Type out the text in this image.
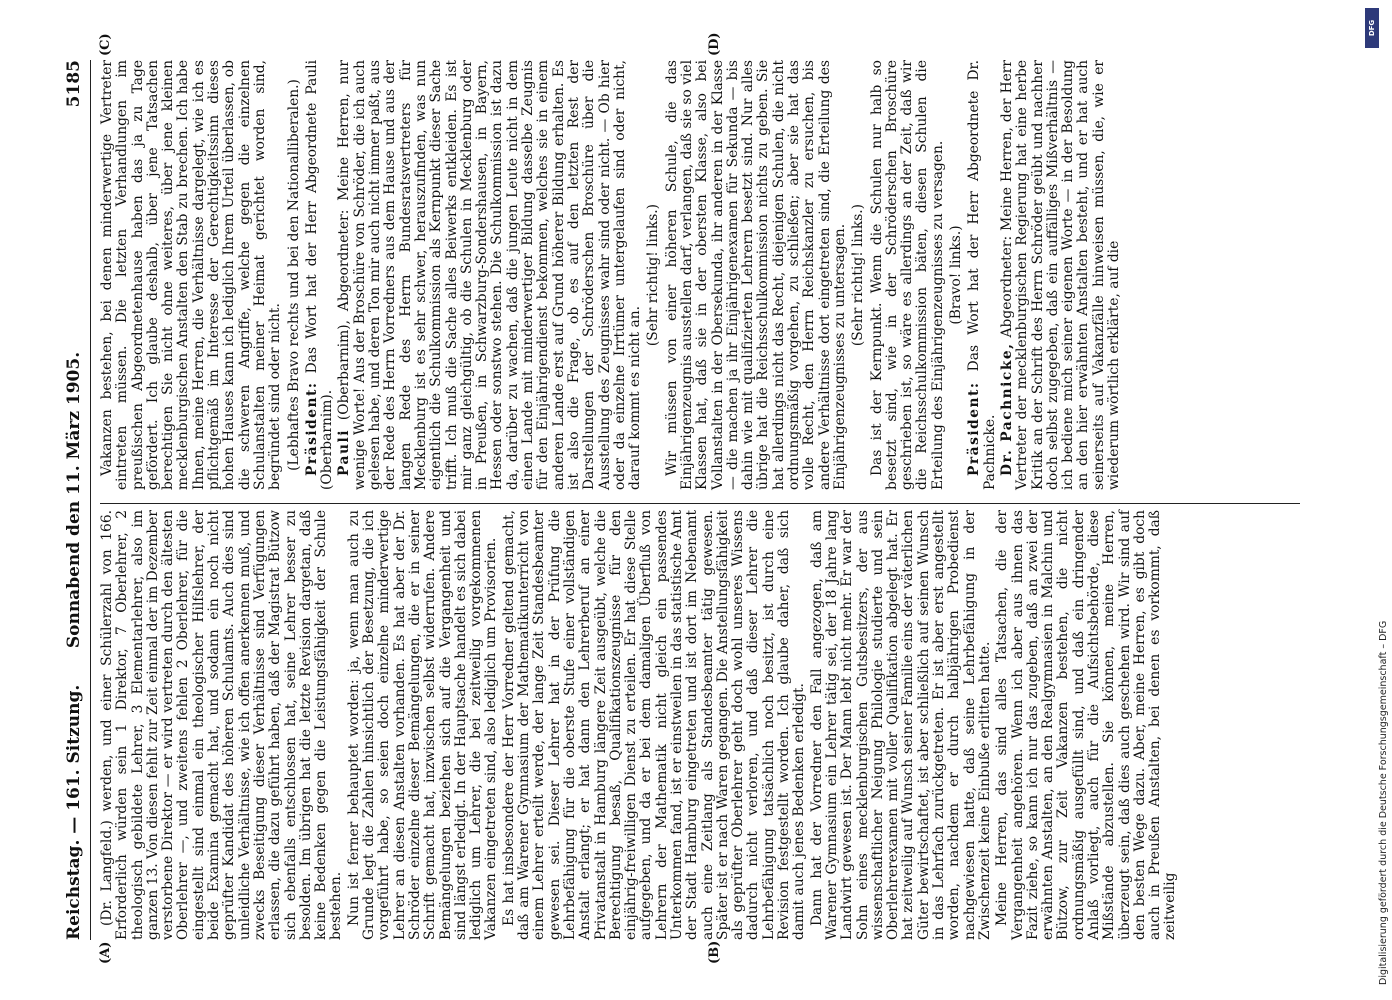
Reichstag. — 161. Sitzung.
Sonnabend den 11. März 1905.
5185
(A)	(B)
(C)	(D)

(Dr. Langfeld.) werden, und einer Schülerzahl von 166. Erforderlich würden sein 1 Direktor, 7 Oberlehrer, 2 theologisch gebildete Lehrer, 3 Elementarlehrer, also im ganzen 13. Von diesen fehlt zur Zeit einmal der im Dezember verstorbene Direktor — er wird vertreten durch den ältesten Oberlehrer —, und zweitens fehlen 2 Oberlehrer, für die eingestellt sind einmal ein theologischer Hilfslehrer, der beide Examina gemacht hat, und sodann ein noch nicht geprüfter Kandidat des höheren Schulamts. Auch dies sind unleidliche Verhältnisse, wie ich offen anerkennen muß, und zwecks Beseitigung dieser Verhältnisse sind Verfügungen erlassen, die dazu geführt haben, daß der Magistrat Bützow sich ebenfalls entschlossen hat, seine Lehrer besser zu besolden. Im übrigen hat die letzte Revision dargetan, daß keine Bedenken gegen die Leistungsfähigkeit der Schule bestehen. Nun ist ferner behauptet worden: ja, wenn man auch zu Grunde legt die Zahlen hinsichtlich der Besetzung, die ich vorgeführt habe, so seien doch einzelne minderwertige Lehrer an diesen Anstalten vorhanden. Es hat aber der Dr. Schröder einzelne dieser Bemängelungen, die er in seiner Schrift gemacht hat, inzwischen selbst widerrufen. Andere Bemängelungen beziehen sich auf die Vergangenheit und sind längst erledigt. In der Hauptsache handelt es sich dabei lediglich um Lehrer, die bei zeitweilig vorgekommenen Vakanzen eingetreten sind, also lediglich um Provisorien. Es hat insbesondere der Herr Vorredner geltend gemacht, daß am Warener Gymnasium der Mathematikunterricht von einem Lehrer erteilt werde, der lange Zeit Standesbeamter gewesen sei. Dieser Lehrer hat in der Prüfung die Lehrbefähigung für die oberste Stufe einer vollständigen Anstalt erlangt; er hat dann den Lehrerberuf an einer Privatanstalt in Hamburg längere Zeit ausgeübt, welche die Berechtigung besaß, Qualifikationszeugnisse für den einjährig-freiwilligen Dienst zu erteilen. Er hat diese Stelle aufgegeben, und da er bei dem damaligen Überfluß von Lehrern der Mathematik nicht gleich ein passendes Unterkommen fand, ist er einstweilen in das statistische Amt der Stadt Hamburg eingetreten und ist dort im Nebenamt auch eine Zeitlang als Standesbeamter tätig gewesen. Später ist er nach Waren gegangen. Die Anstellungsfähigkeit als geprüfter Oberlehrer geht doch wohl unseres Wissens dadurch nicht verloren, und daß dieser Lehrer die Lehrbefähigung tatsächlich noch besitzt, ist durch eine Revision festgestellt worden. Ich glaube daher, daß sich damit auch jenes Bedenken erledigt. Dann hat der Vorredner den Fall angezogen, daß am Warener Gymnasium ein Lehrer tätig sei, der 18 Jahre lang Landwirt gewesen ist. Der Mann lebt nicht mehr. Er war der Sohn eines mecklenburgischen Gutsbesitzers, der aus wissenschaftlicher Neigung Philologie studierte und sein Oberlehrerexamen mit voller Qualifikation abgelegt hat. Er hat zeitweilig auf Wunsch seiner Familie eins der väterlichen Güter bewirtschaftet, ist aber schließlich auf seinen Wunsch in das Lehrfach zurückgetreten. Er ist aber erst angestellt worden, nachdem er durch halbjährigen Probedienst nachgewiesen hatte, daß seine Lehrbefähigung in der Zwischenzeit keine Einbuße erlitten hatte. Meine Herren, das sind alles Tatsachen, die der Vergangenheit angehören. Wenn ich aber aus ihnen das Fazit ziehe, so kann ich nur das zugeben, daß an zwei der erwähnten Anstalten, an den Realgymnasien in Malchin und Bützow, zur Zeit Vakanzen bestehen, die nicht ordnungsmäßig ausgefüllt sind, und daß ein dringender Anlaß vorliegt, auch für die Aufsichtsbehörde, diese Mißstände abzustellen. Sie können, meine Herren, überzeugt sein, daß dies auch geschehen wird. Wir sind auf den besten Wege dazu. Aber, meine Herren, es gibt doch auch in Preußen Anstalten, bei denen es vorkommt, daß zeitweilig

Vakanzen bestehen, bei denen minderwertige Vertreter eintreten müssen. Die letzten Verhandlungen im preußischen Abgeordnetenhause haben das ja zu Tage gefördert. Ich glaube deshalb, über jene Tatsachen berechtigen Sie nicht ohne weiteres, über jene kleinen mecklenburgischen Anstalten den Stab zu brechen. Ich habe Ihnen, meine Herren, die Verhältnisse dargelegt, wie ich es pflichtgemäß im Interesse der Gerechtigkeitssinn dieses hohen Hauses kann ich lediglich Ihrem Urteil überlassen, ob die schweren Angriffe, welche gegen die einzelnen Schulanstalten meiner Heimat gerichtet worden sind, begründet sind oder nicht. (Lebhaftes Bravo rechts und bei den Nationalliberalen.) Präsident: Das Wort hat der Herr Abgeordnete Pauli (Oberbarnim). Pauli (Oberbarnim), Abgeordneter: Meine Herren, nur wenige Worte! Aus der Broschüre von Schröder, die ich auch gelesen habe, und deren Ton mir auch nicht immer paßt, aus der Rede des Herrn Vorredners aus dem Hause und aus der langen Rede des Herrn Bundesratsvertreters für Mecklenburg ist es sehr schwer, herauszufinden, was nun eigentlich die Schulkommission als Kernpunkt dieser Sache trifft. Ich muß die Sache alles Beiwerks entkleiden. Es ist mir ganz gleichgültig, ob die Schulen in Mecklenburg oder in Preußen, in Schwarzburg-Sondershausen, in Bayern, Hessen oder sonstwo stehen. Die Schulkommission ist dazu da, darüber zu wachen, daß die jungen Leute nicht in dem einen Lande mit minderwertiger Bildung dasselbe Zeugnis für den Einjährigendienst bekommen, welches sie in einem anderen Lande erst auf Grund höherer Bildung erhalten. Es ist also die Frage, ob es auf den letzten Rest der Darstellungen der Schröderschen Broschüre über die Ausstellung des Zeugnisses wahr sind oder nicht. — Ob hier oder da einzelne Irrtümer untergelaufen sind oder nicht, darauf kommt es nicht an.

(Sehr richtig! links.) Wir müssen von einer höheren Schule, die das Einjährigenzeugnis ausstellen darf, verlangen, daß sie so viel Klassen hat, daß sie in der obersten Klasse, also bei Vollanstalten in der Obersekunda, ihr anderen in der Klasse — die machen ja ihr Einjährigenexamen für Sekunda — bis dahin wie mit qualifizierten Lehrern besetzt sind. Nur alles übrige hat die Reichsschulkommission nichts zu geben. Sie hat allerdings nicht das Recht, diejenigen Schulen, die nicht ordnungsmäßig vorgehen, zu schließen; aber sie hat das volle Recht, den Herrn Reichskanzler zu ersuchen, bis andere Verhältnisse dort eingetreten sind, die Erteilung des Einjährigenzeugnisses zu untersagen. (Sehr richtig! links.) Das ist der Kernpunkt. Wenn die Schulen nur halb so besetzt sind, wie in der Schröderschen Broschüre geschrieben ist, so wäre es allerdings an der Zeit, daß wir die Reichsschulkommission bäten, diesen Schulen die Erteilung des Einjährigenzeugnisses zu versagen. (Bravo! links.)

Präsident: Das Wort hat der Herr Abgeordnete Dr. Pachnicke. Dr. Pachnicke, Abgeordneter: Meine Herren, der Herr Vertreter der mecklenburgischen Regierung hat eine herbe Kritik an der Schrift des Herrn Schröder geübt und nachher doch selbst zugegeben, daß ein auffälliges Mißverhältnis — ich bediene mich seiner eigenen Worte — in der Besoldung an den hier erwähnten Anstalten besteht, und er hat auch seinerseits auf Vakanzfälle hinweisen müssen, die, wie er wiederum wörtlich erklärte, auf die

DFG
Digitalisierung gefördert durch die Deutsche Forschungsgemeinschaft – DFG
